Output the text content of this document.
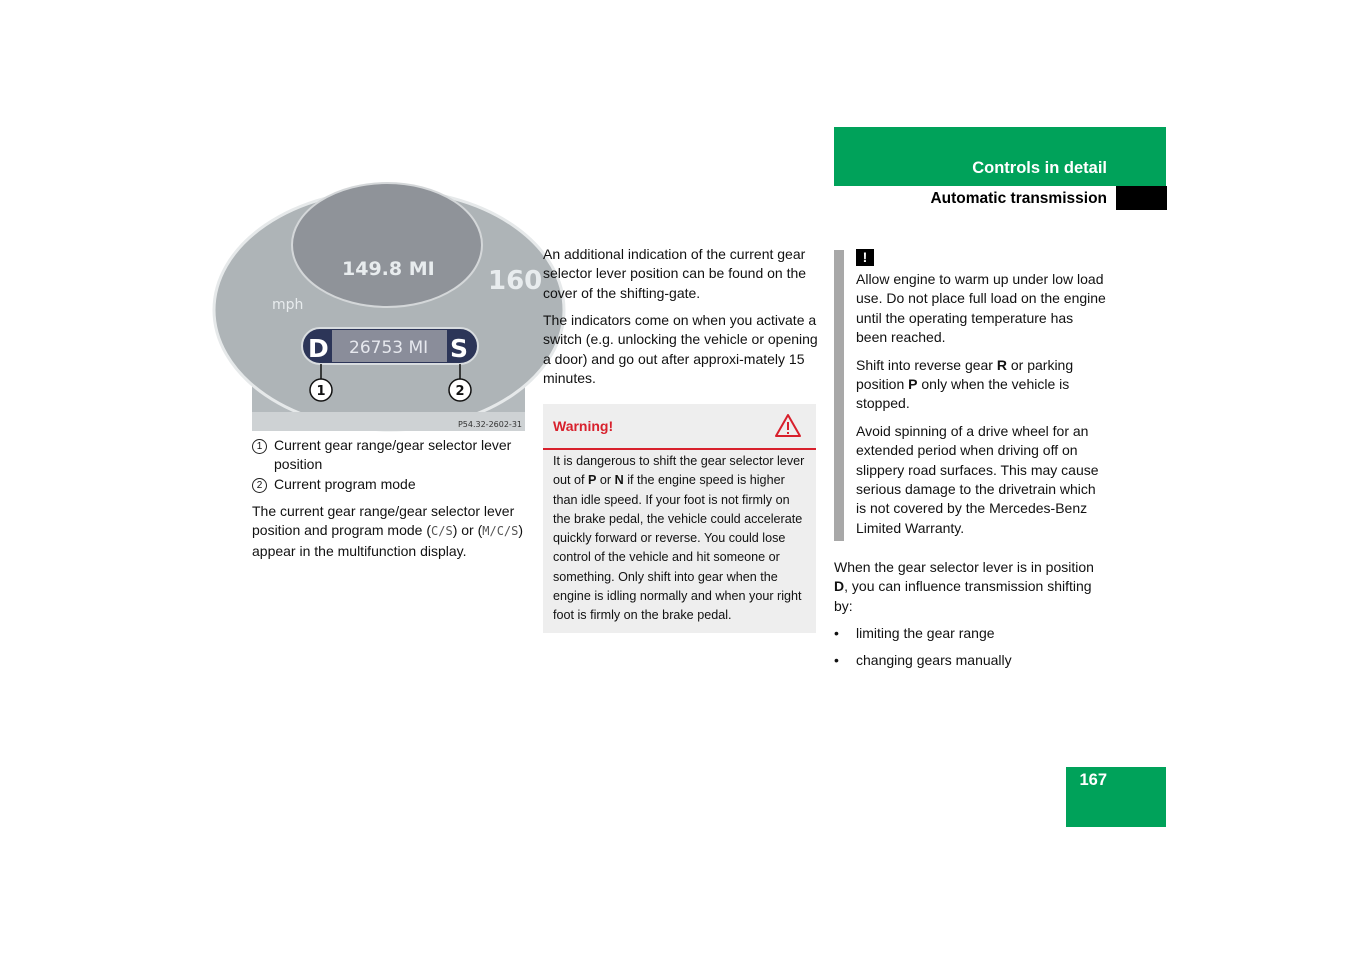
Controls in detail
Automatic transmission
149.8 MI 160
mph
D 26753 MI S
1	2
P54.32-2602-31
1 Current gear range/gear selector lever position
2 Current program mode
The current gear range/gear selector lever position and program mode (C/S) or (M/C/S) appear in the multifunction display.
An additional indication of the current gear selector lever position can be found on the cover of the shifting-gate.
The indicators come on when you activate a switch (e.g. unlocking the vehicle or opening a door) and go out after approxi-mately 15 minutes.
Warning!
It is dangerous to shift the gear selector lever out of P or N if the engine speed is higher than idle speed. If your foot is not firmly on the brake pedal, the vehicle could accelerate quickly forward or reverse. You could lose control of the vehicle and hit someone or something. Only shift into gear when the engine is idling normally and when your right foot is firmly on the brake pedal.
!

Allow engine to warm up under low load use. Do not place full load on the engine until the operating temperature has been reached.

Shift into reverse gear R or parking position P only when the vehicle is stopped.

Avoid spinning of a drive wheel for an extended period when driving off on slippery road surfaces. This may cause serious damage to the drivetrain which is not covered by the Mercedes-Benz Limited Warranty.

When the gear selector lever is in position D, you can influence transmission shifting by:
• limiting the gear range
• changing gears manually
167
